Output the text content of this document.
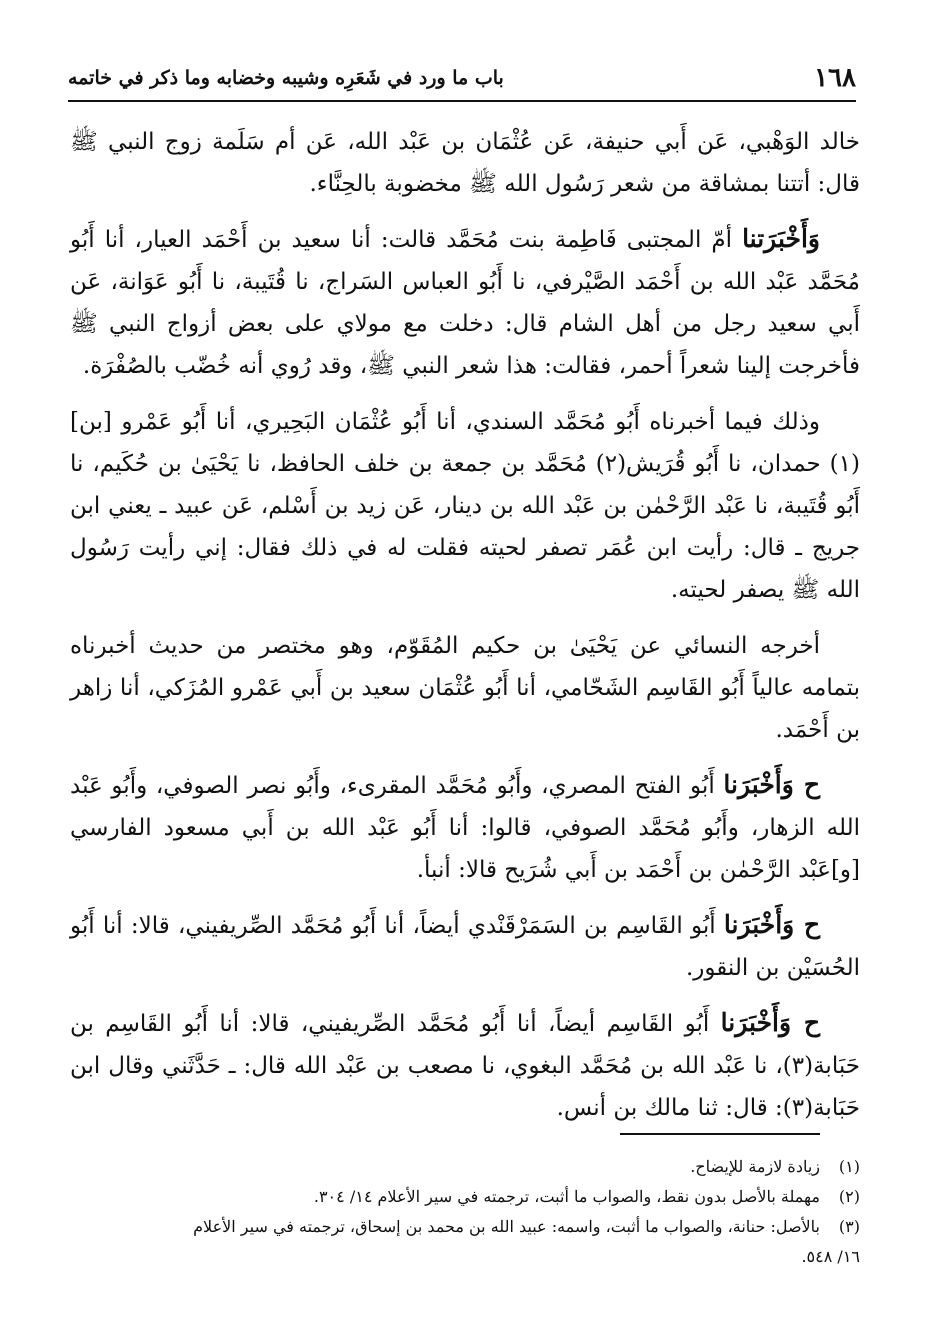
١٦٨
باب ما ورد في شَعَرِه وشيبه وخضابه وما ذكر في خاتمه

خالد الوَهْبي، عَن أَبي حنيفة، عَن عُثْمَان بن عَبْد الله، عَن أم سَلَمة زوج النبي ﷺ قال: أتتنا بمشاقة من شعر رَسُول الله ﷺ مخضوبة بالحِنَّاء.

وَأَخْبَرَتنا أمّ المجتبى فَاطِمة بنت مُحَمَّد قالت: أنا سعيد بن أَحْمَد العيار، أنا أَبُو مُحَمَّد عَبْد الله بن أَحْمَد الصَّيْرفي، نا أَبُو العباس السَراج، نا قُتَيبة، نا أَبُو عَوَانة، عَن أَبي سعيد رجل من أهل الشام قال: دخلت مع مولاي على بعض أزواج النبي ﷺ فأخرجت إلينا شعراً أحمر، فقالت: هذا شعر النبي ﷺ، وقد رُوي أنه خُضّب بالصُفْرَة.

وذلك فيما أخبرناه أَبُو مُحَمَّد السندي، أنا أَبُو عُثْمَان البَحِيري، أنا أَبُو عَمْرو [بن](١) حمدان، نا أَبُو قُرَيش(٢) مُحَمَّد بن جمعة بن خلف الحافظ، نا يَحْيَىٰ بن حُكَيم، نا أَبُو قُتَيبة، نا عَبْد الرَّحْمٰن بن عَبْد الله بن دينار، عَن زيد بن أَسْلم، عَن عبيد ـ يعني ابن جريج ـ قال: رأيت ابن عُمَر تصفر لحيته فقلت له في ذلك فقال: إني رأيت رَسُول الله ﷺ يصفر لحيته.

أخرجه النسائي عن يَحْيَىٰ بن حكيم المُقَوّم، وهو مختصر من حديث أخبرناه بتمامه عالياً أَبُو القَاسِم الشَحّامي، أنا أَبُو عُثْمَان سعيد بن أَبي عَمْرو المُزَكي، أنا زاهر بن أَحْمَد.

ح وَأَخْبَرَنا أَبُو الفتح المصري، وأَبُو مُحَمَّد المقرىء، وأَبُو نصر الصوفي، وأَبُو عَبْد الله الزهار، وأَبُو مُحَمَّد الصوفي، قالوا: أنا أَبُو عَبْد الله بن أَبي مسعود الفارسي [و]عَبْد الرَّحْمٰن بن أَحْمَد بن أَبي شُرَيح قالا: أنبأ.

ح وَأَخْبَرَنا أَبُو القَاسِم بن السَمَرْقَنْدي أيضاً، أنا أَبُو مُحَمَّد الصِّريفيني، قالا: أنا أَبُو الحُسَيْن بن النقور.

ح وَأَخْبَرَنا أَبُو القَاسِم أيضاً، أنا أَبُو مُحَمَّد الصِّريفيني، قالا: أنا أَبُو القَاسِم بن حَبَابة(٣)، نا عَبْد الله بن مُحَمَّد البغوي، نا مصعب بن عَبْد الله قال: ـ حَدَّثَني وقال ابن حَبَابة(٣): قال: ثنا مالك بن أنس.

(١)
زيادة لازمة للإيضاح.
(٢)
مهملة بالأصل بدون نقط، والصواب ما أثبت، ترجمته في سير الأعلام ١٤/ ٣٠٤.
(٣)
بالأصل: حنانة، والصواب ما أثبت، واسمه: عبيد الله بن محمد بن إسحاق، ترجمته في سير الأعلام
١٦/ ٥٤٨.
